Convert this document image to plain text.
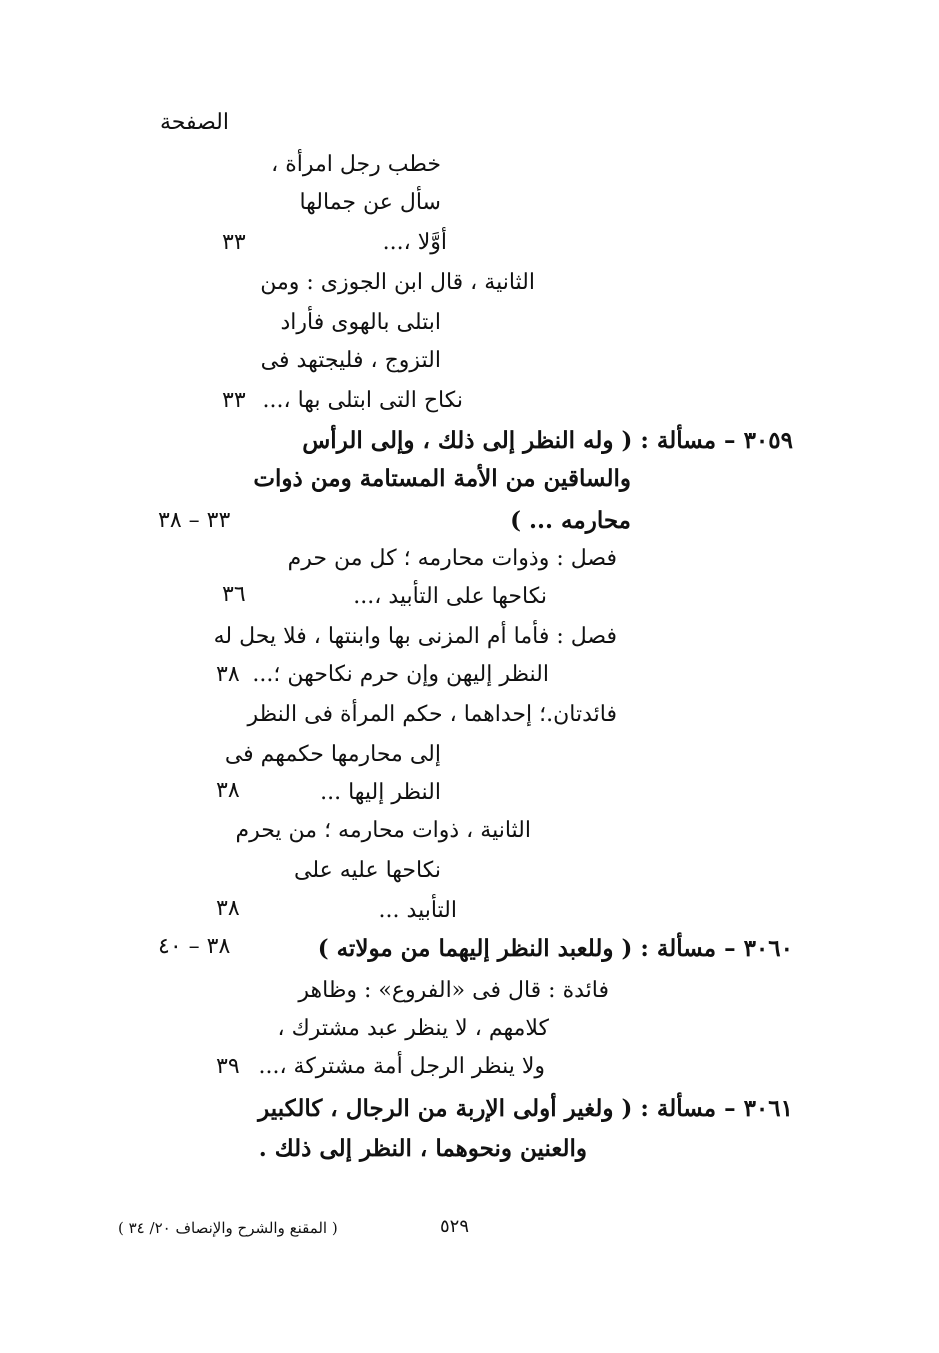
الصفحة
خطب رجل امرأة ،
سأل عن جمالها
أوَّلا ،...
٣٣
الثانية ، قال ابن الجوزى : ومن
ابتلى بالهوى فأراد
التزوج ، فليجتهد فى
نكاح التى ابتلى بها ،...
٣٣
٣٠٥٩ – مسألة : ( وله النظر إلى ذلك ، وإلى الرأس
والساقين من الأمة المستامة ومن ذوات
محارمه ... )
٣٣ – ٣٨
فصل : وذوات محارمه ؛ كل من حرم
نكاحها على التأبيد ،...
٣٦
فصل : فأما أم المزنى بها وابنتها ، فلا يحل له
النظر إليهن وإن حرم نكاحهن ؛...
٣٨
فائدتان.؛ إحداهما ، حكم المرأة فى النظر
إلى محارمها حكمهم فى
النظر إليها ...
٣٨
الثانية ، ذوات محارمه ؛ من يحرم
نكاحها عليه على
التأبيد ...
٣٨
٣٠٦٠ – مسألة : ( وللعبد النظر إليهما من مولاته )
٣٨ – ٤٠
فائدة : قال فى «الفروع» : وظاهر
كلامهم ، لا ينظر عبد مشترك ،
ولا ينظر الرجل أمة مشتركة ،...
٣٩
٣٠٦١ – مسألة : ( ولغير أولى الإربة من الرجال ، كالكبير
والعنين ونحوهما ، النظر إلى ذلك .
٥٢٩
( المقنع والشرح والإنصاف ٢٠/ ٣٤ )
